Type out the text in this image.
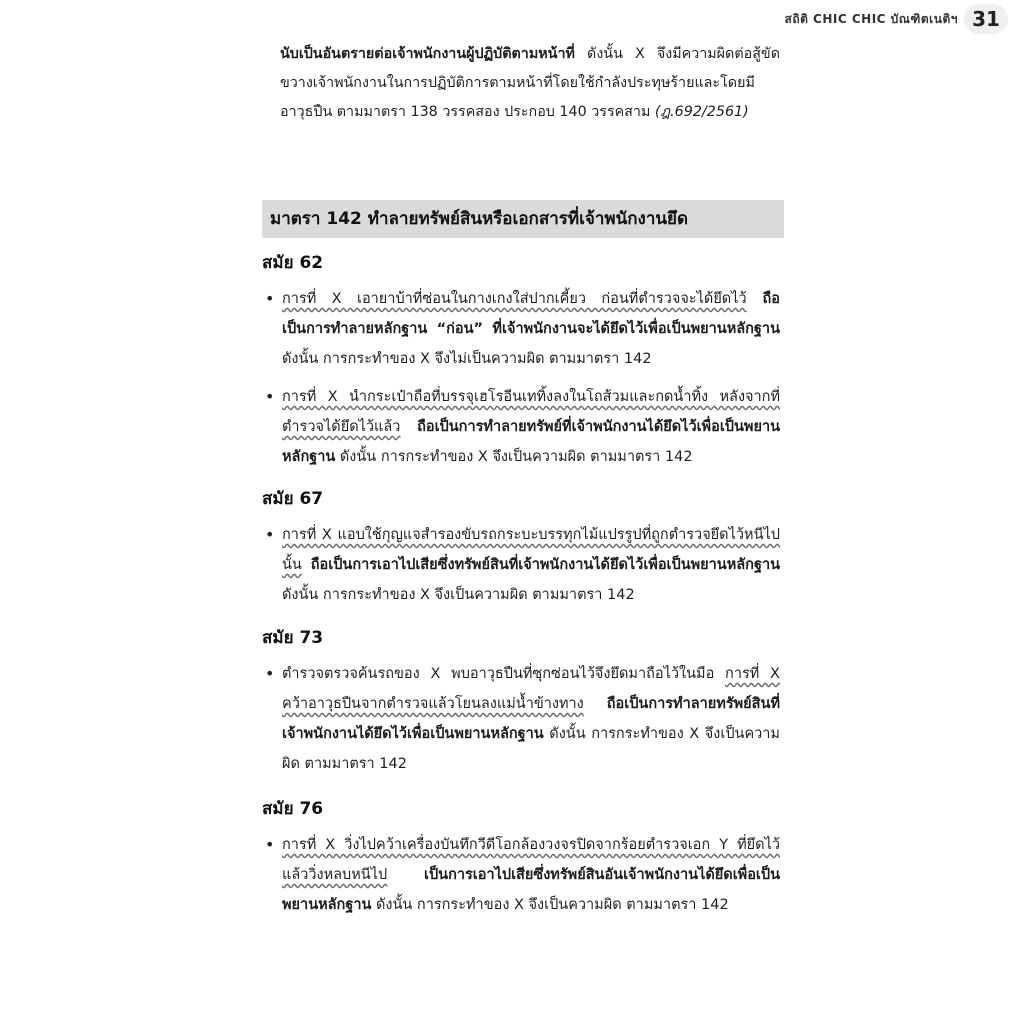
สถิติ CHIC CHIC บัณฑิตเนติฯ 31

นับเป็นอันตรายต่อเจ้าพนักงานผู้ปฏิบัติตามหน้าที่ ดังนั้น X จึงมีความผิดต่อสู้ขัดขวางเจ้าพนักงานในการปฏิบัติการตามหน้าที่โดยใช้กำลังประทุษร้ายและโดยมีอาวุธปืน ตามมาตรา 138 วรรคสอง ประกอบ 140 วรรคสาม (ฎ.692/2561)

มาตรา 142 ทำลายทรัพย์สินหรือเอกสารที่เจ้าพนักงานยึด
สมัย 62
• การที่ X เอายาบ้าที่ซ่อนในกางเกงใส่ปากเคี้ยว ก่อนที่ตำรวจจะได้ยึดไว้ ถือเป็นการทำลายหลักฐาน “ก่อน” ที่เจ้าพนักงานจะได้ยึดไว้เพื่อเป็นพยานหลักฐาน ดังนั้น การกระทำของ X จึงไม่เป็นความผิด ตามมาตรา 142
• การที่ X นำกระเป๋าถือที่บรรจุเฮโรอีนเททิ้งลงในโถส้วมและกดน้ำทิ้ง หลังจากที่ตำรวจได้ยึดไว้แล้ว ถือเป็นการทำลายทรัพย์ที่เจ้าพนักงานได้ยึดไว้เพื่อเป็นพยานหลักฐาน ดังนั้น การกระทำของ X จึงเป็นความผิด ตามมาตรา 142
สมัย 67
• การที่ X แอบใช้กุญแจสำรองขับรถกระบะบรรทุกไม้แปรรูปที่ถูกตำรวจยึดไว้หนีไปนั้น ถือเป็นการเอาไปเสียซึ่งทรัพย์สินที่เจ้าพนักงานได้ยึดไว้เพื่อเป็นพยานหลักฐาน ดังนั้น การกระทำของ X จึงเป็นความผิด ตามมาตรา 142
สมัย 73
• ตำรวจตรวจค้นรถของ X พบอาวุธปืนที่ซุกซ่อนไว้จึงยึดมาถือไว้ในมือ การที่ X คว้าอาวุธปืนจากตำรวจแล้วโยนลงแม่น้ำข้างทาง ถือเป็นการทำลายทรัพย์สินที่เจ้าพนักงานได้ยึดไว้เพื่อเป็นพยานหลักฐาน ดังนั้น การกระทำของ X จึงเป็นความผิด ตามมาตรา 142
สมัย 76
• การที่ X วิ่งไปคว้าเครื่องบันทึกวีดีโอกล้องวงจรปิดจากร้อยตำรวจเอก Y ที่ยึดไว้แล้ววิ่งหลบหนีไป เป็นการเอาไปเสียซึ่งทรัพย์สินอันเจ้าพนักงานได้ยึดเพื่อเป็นพยานหลักฐาน ดังนั้น การกระทำของ X จึงเป็นความผิด ตามมาตรา 142
